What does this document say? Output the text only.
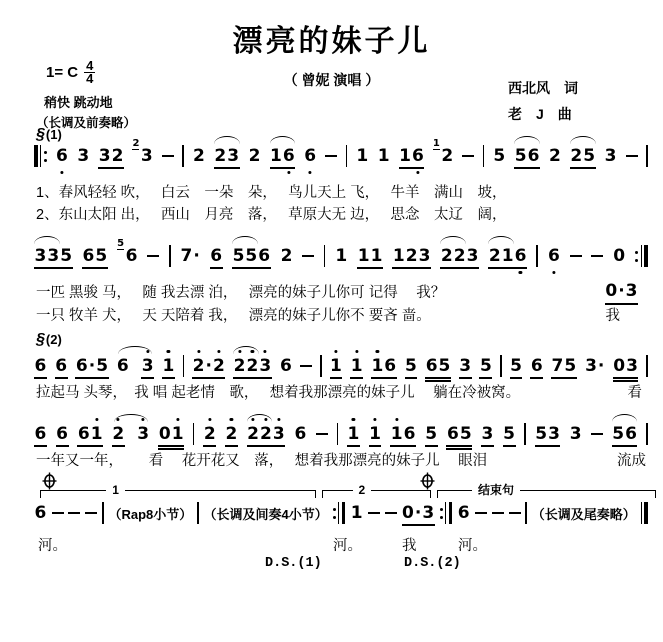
漂亮的妹子儿
（ 曾妮 演唱 ）
1= C $\frac{4}{4}$
稍快 跳动地
（长调及前奏略）
西北风　词
老　J　曲
§(1)
§(2)
6 3 3 2
2
3 2 2 3 2 1 6 6 1 1 1 6
1
2 5 5 6 2 2 5 3
1、春风轻轻 吹，　 白云　一朵　朵，　 鸟儿天上 飞，　 牛羊　满山　坡，
2、东山太阳 出，　 西山　月亮　落，　 草原大无 边，　 思念　太辽　阔，
3 3 5 6 5
5
6	7 · 6 5 5 6 2	1 1 1 1 2 3 2 2 3 2 1 6 6	0
一匹 黑骏 马，　 随 我去漂 泊，　 漂亮的妹子儿你可 记得　 我？	0 · 3
一只 牧羊 犬，　 天 天陪着 我，　 漂亮的妹子儿你不 要吝 啬。	我
6 6 6 · 5 6 3 1 2 · 2 2 2 3 6 1 1 1 6 5 6 5 3 5 5 6 7 5 3 · 0 3
拉起马 头琴，　我 唱 起老情　歌，　 想着我那漂亮的妹子儿　 躺在冷被窝。	看
6 6 6 1 2 3 0 1 2 2 2 2 3 6 1 1 1 6 5 6 5 3 5 5 3 3 5 6
一年又一年，　　 看　 花开花又　落，　 想着我那漂亮的妹子儿　 眼泪	流成
1	2	结束句
6	（Rap8小节） （长调及间奏4小节） 1 0 · 3 6	（长调及尾奏略）
河。	河。	我	河。
D.S.(1)	D.S.(2)
